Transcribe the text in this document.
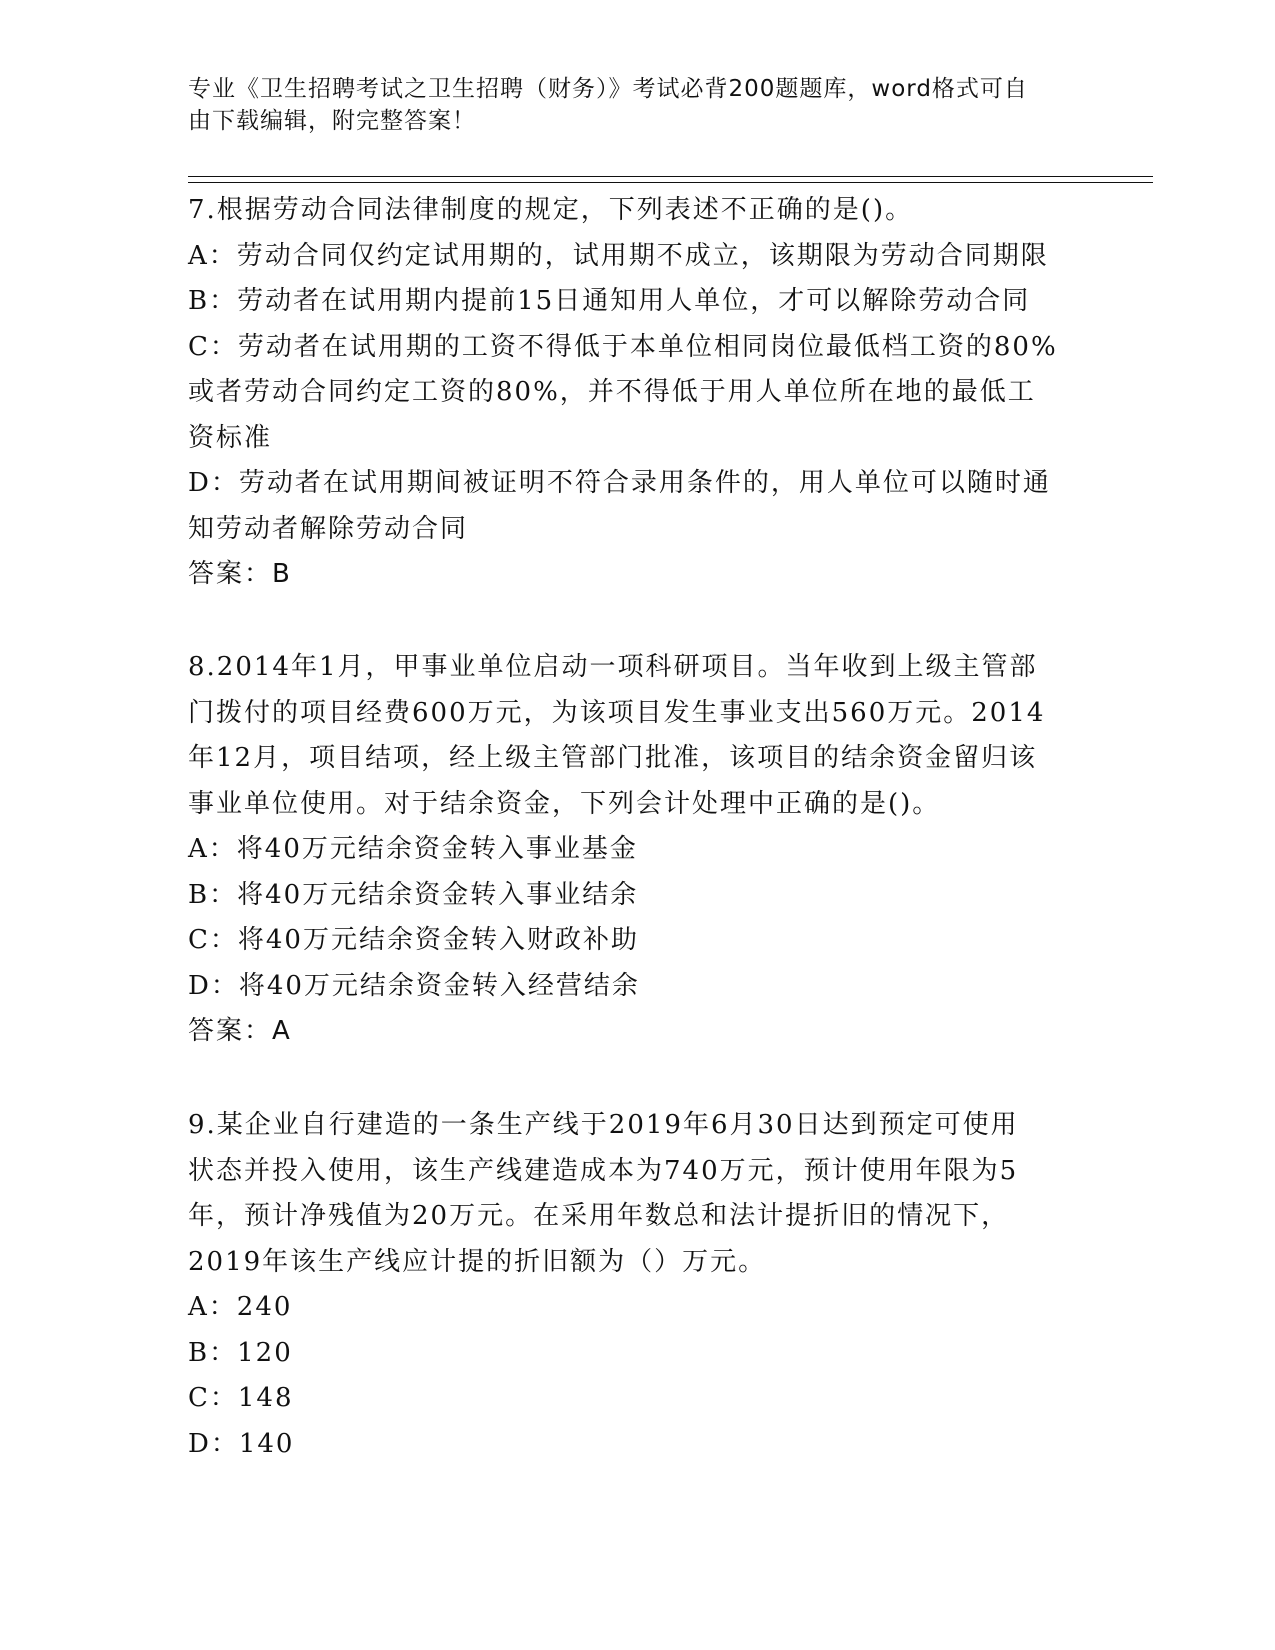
专业《卫生招聘考试之卫生招聘（财务）》考试必背200题题库，word格式可自
由下载编辑，附完整答案！

7.根据劳动合同法律制度的规定，下列表述不正确的是()。

A：劳动合同仅约定试用期的，试用期不成立，该期限为劳动合同期限

B：劳动者在试用期内提前15日通知用人单位，才可以解除劳动合同

C：劳动者在试用期的工资不得低于本单位相同岗位最低档工资的80%

或者劳动合同约定工资的80%，并不得低于用人单位所在地的最低工

资标准

D：劳动者在试用期间被证明不符合录用条件的，用人单位可以随时通

知劳动者解除劳动合同

答案：B

8.2014年1月，甲事业单位启动一项科研项目。当年收到上级主管部

门拨付的项目经费600万元，为该项目发生事业支出560万元。2014

年12月，项目结项，经上级主管部门批准，该项目的结余资金留归该

事业单位使用。对于结余资金，下列会计处理中正确的是()。

A：将40万元结余资金转入事业基金

B：将40万元结余资金转入事业结余

C：将40万元结余资金转入财政补助

D：将40万元结余资金转入经营结余

答案：A

9.某企业自行建造的一条生产线于2019年6月30日达到预定可使用

状态并投入使用，该生产线建造成本为740万元，预计使用年限为5

年，预计净残值为20万元。在采用年数总和法计提折旧的情况下，

2019年该生产线应计提的折旧额为（）万元。

A：240

B：120

C：148

D：140
